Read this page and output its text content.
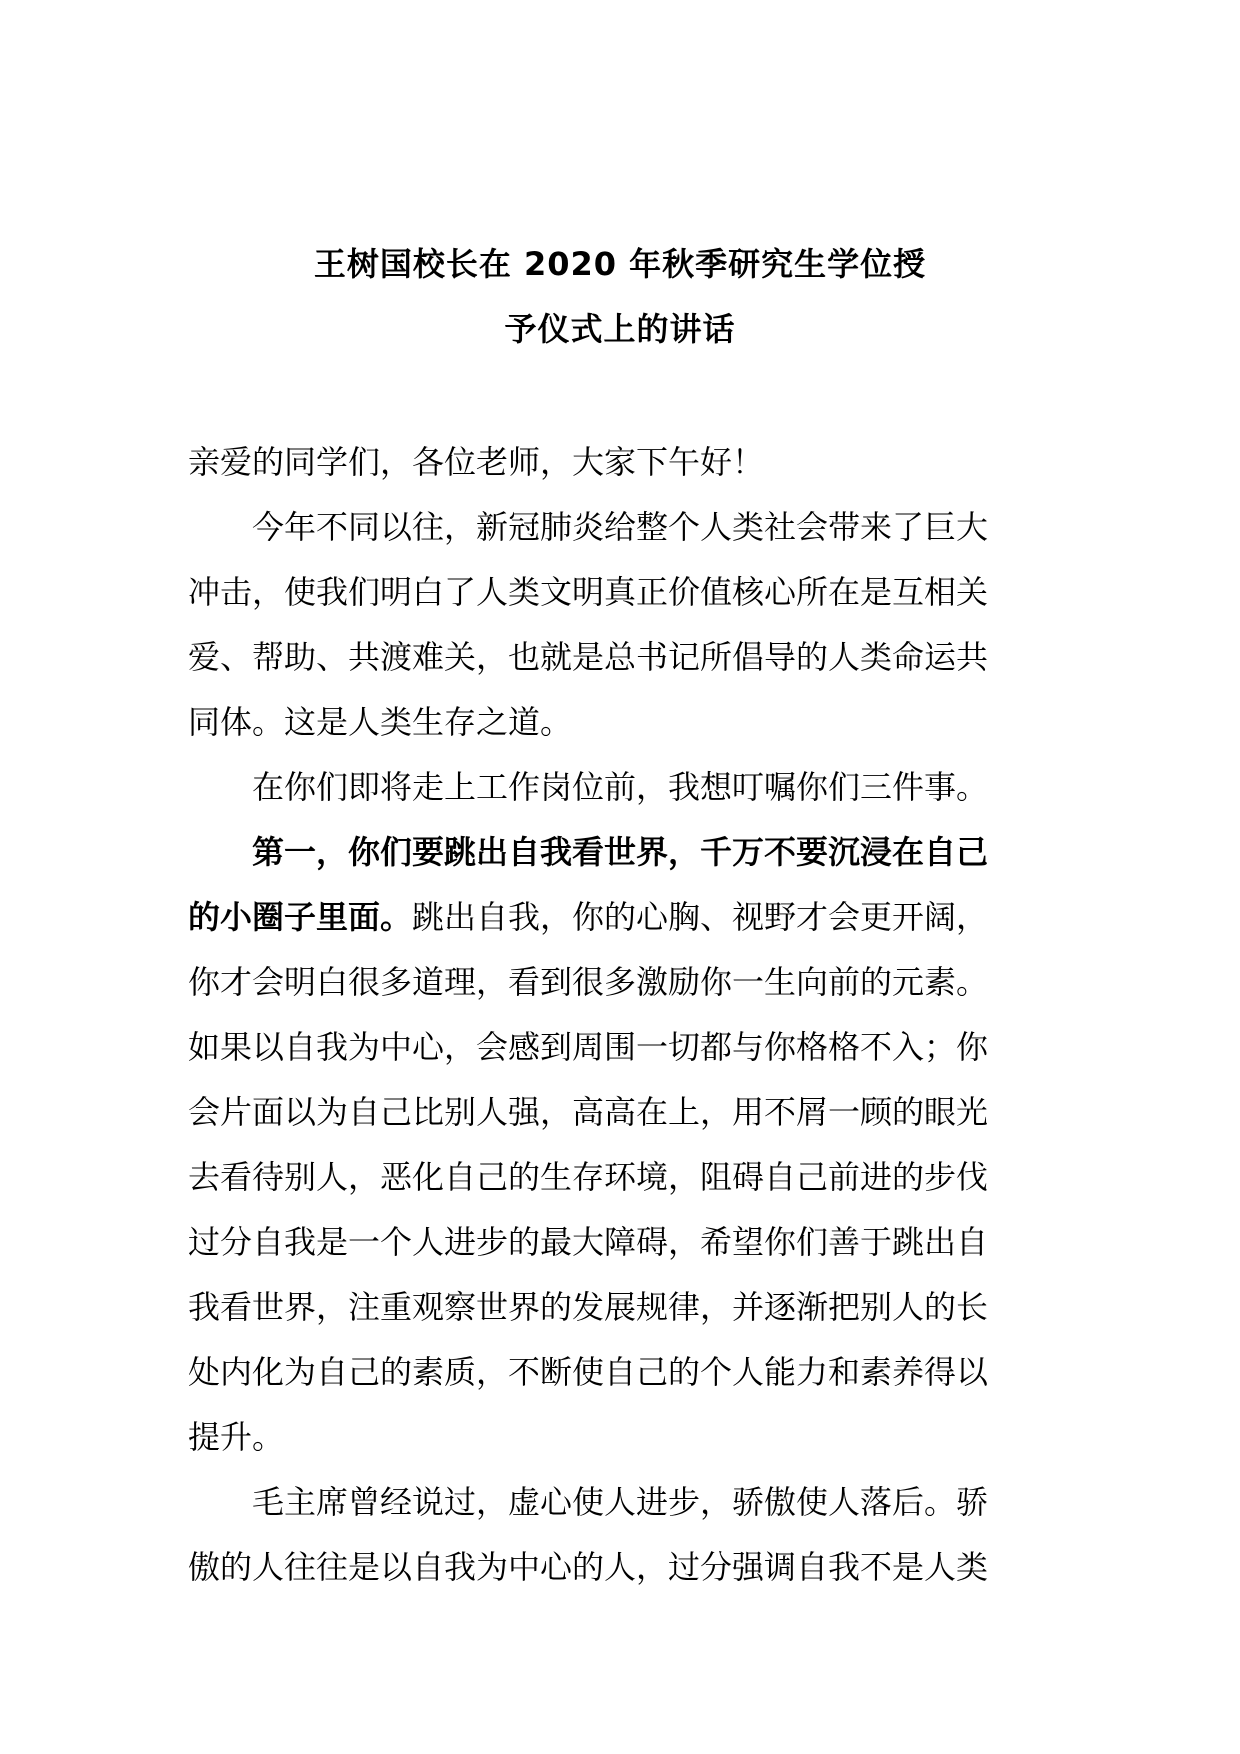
王树国校长在 2020 年秋季研究生学位授
予仪式上的讲话
亲爱的同学们，各位老师，大家下午好！
今年不同以往，新冠肺炎给整个人类社会带来了巨大
冲击，使我们明白了人类文明真正价值核心所在是互相关
爱、帮助、共渡难关，也就是总书记所倡导的人类命运共
同体。这是人类生存之道。
在你们即将走上工作岗位前，我想叮嘱你们三件事。
第一，你们要跳出自我看世界，千万不要沉浸在自己
的小圈子里面。跳出自我，你的心胸、视野才会更开阔，
你才会明白很多道理，看到很多激励你一生向前的元素。
如果以自我为中心，会感到周围一切都与你格格不入；你
会片面以为自己比别人强，高高在上，用不屑一顾的眼光
去看待别人，恶化自己的生存环境，阻碍自己前进的步伐
过分自我是一个人进步的最大障碍，希望你们善于跳出自
我看世界，注重观察世界的发展规律，并逐渐把别人的长
处内化为自己的素质，不断使自己的个人能力和素养得以
提升。
毛主席曾经说过，虚心使人进步，骄傲使人落后。骄
傲的人往往是以自我为中心的人，过分强调自我不是人类
